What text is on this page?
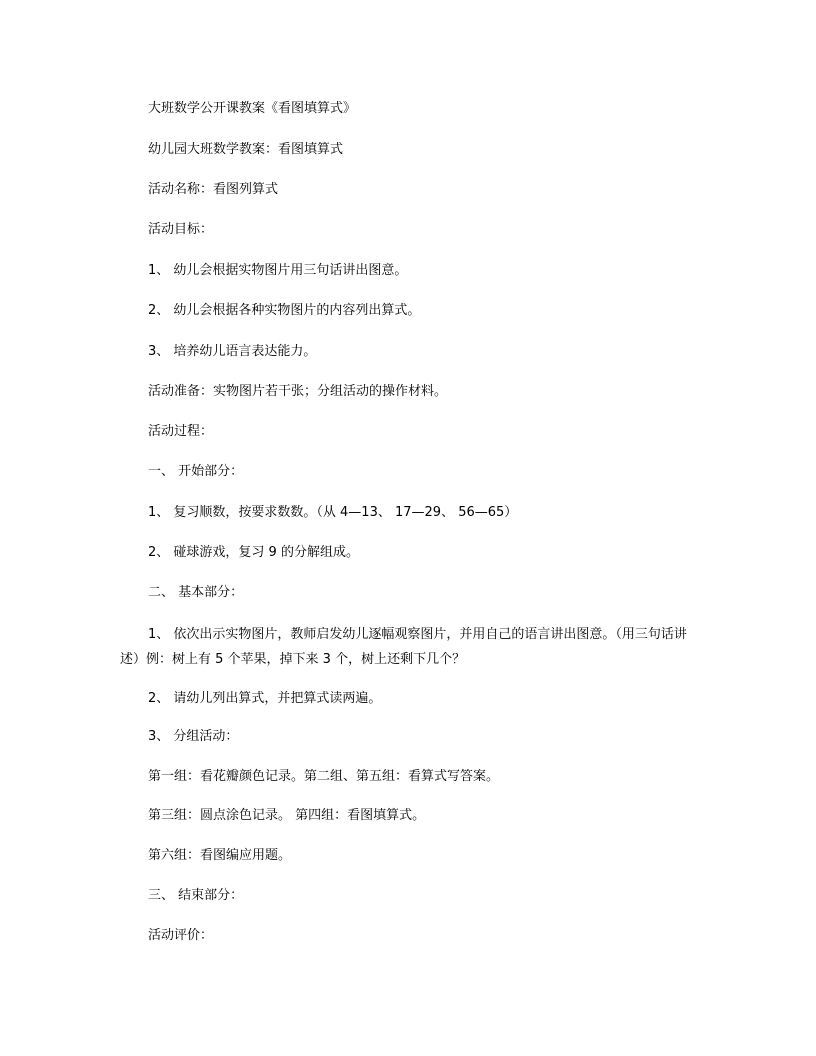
大班数学公开课教案《看图填算式》
幼儿园大班数学教案：看图填算式
活动名称：看图列算式
活动目标：
1、 幼儿会根据实物图片用三句话讲出图意。
2、 幼儿会根据各种实物图片的内容列出算式。
3、 培养幼儿语言表达能力。
活动准备：实物图片若干张；分组活动的操作材料。
活动过程：
一、 开始部分：
1、 复习顺数，按要求数数。（从 4—13、 17—29、 56—65）
2、 碰球游戏，复习 9 的分解组成。
二、 基本部分：
1、 依次出示实物图片，教师启发幼儿逐幅观察图片，并用自己的语言讲出图意。（用三句话讲述）例：树上有 5 个苹果，掉下来 3 个，树上还剩下几个？
2、 请幼儿列出算式，并把算式读两遍。
3、 分组活动：
第一组：看花瓣颜色记录。第二组、第五组：看算式写答案。
第三组：圆点涂色记录。 第四组：看图填算式。
第六组：看图编应用题。
三、 结束部分：
活动评价：
